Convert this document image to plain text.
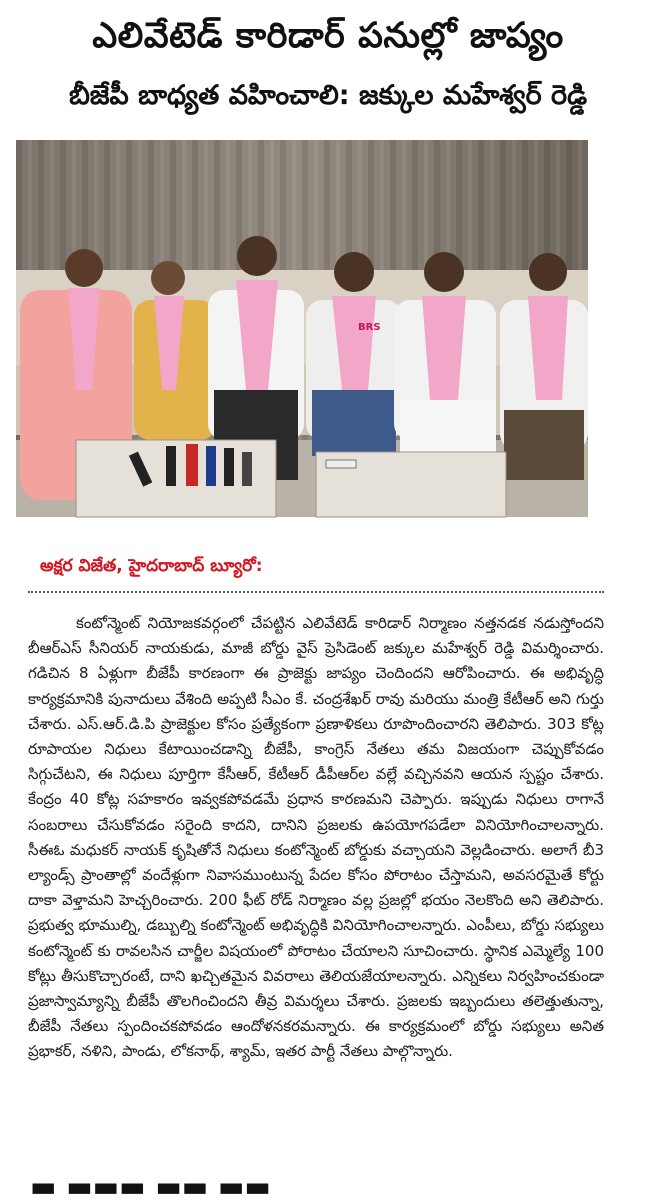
ఎలివేటెడ్ కారిడార్ పనుల్లో జాప్యం
బీజేపీ బాధ్యత వహించాలి: జక్కుల మహేశ్వర్ రెడ్డి
BRS
అక్షర విజేత, హైదరాబాద్ బ్యూరో:
కంటోన్మెంట్ నియోజకవర్గంలో చేపట్టిన ఎలివేటెడ్ కారిడార్ నిర్మాణం నత్తనడక నడుస్తోందని బీఆర్ఎస్ సీనియర్ నాయకుడు, మాజీ బోర్డు వైస్ ప్రెసిడెంట్ జక్కుల మహేశ్వర్ రెడ్డి విమర్శించారు. గడిచిన 8 ఏళ్లుగా బీజేపీ కారణంగా ఈ ప్రాజెక్టు జాప్యం చెందిందని ఆరోపించారు. ఈ అభివృద్ధి కార్యక్రమానికి పునాదులు వేశింది అప్పటి సీఎం కే. చంద్రశేఖర్ రావు మరియు మంత్రి కేటీఆర్ అని గుర్తు చేశారు. ఎస్.ఆర్.డి.పి ప్రాజెక్టుల కోసం ప్రత్యేకంగా ప్రణాళికలు రూపొందించారని తెలిపారు. 303 కోట్ల రూపాయల నిధులు కేటాయించడాన్ని బీజేపీ, కాంగ్రెస్ నేతలు తమ విజయంగా చెప్పుకోవడం సిగ్గుచేటని, ఈ నిధులు పూర్తిగా కేసీఆర్, కేటీఆర్ డీపీఆర్‌ల వల్లే వచ్చినవని ఆయన స్పష్టం చేశారు. కేంద్రం 40 కోట్ల సహకారం ఇవ్వకపోవడమే ప్రధాన కారణమని చెప్పారు. ఇప్పుడు నిధులు రాగానే సంబరాలు చేసుకోవడం సరైంది కాదని, దానిని ప్రజలకు ఉపయోగపడేలా వినియోగించాలన్నారు. సీఈఓ మధుకర్ నాయక్ కృషితోనే నిధులు కంటోన్మెంట్ బోర్డుకు వచ్చాయని వెల్లడించారు. అలాగే బీ3 ల్యాండ్స్ ప్రాంతాల్లో వందేళ్లుగా నివాసముంటున్న పేదల కోసం పోరాటం చేస్తామని, అవసరమైతే కోర్టు దాకా వెళ్తామని హెచ్చరించారు. 200 ఫీట్ రోడ్ నిర్మాణం వల్ల ప్రజల్లో భయం నెలకొంది అని తెలిపారు. ప్రభుత్వ భూముల్ని, డబ్బుల్ని కంటోన్మెంట్ అభివృద్ధికి వినియోగించాలన్నారు. ఎంపీలు, బోర్డు సభ్యులు కంటోన్మెంట్ కు రావలసిన చార్జీల విషయంలో పోరాటం చేయాలని సూచించారు. స్థానిక ఎమ్మెల్యే 100 కోట్లు తీసుకొచ్చారంటే, దాని ఖచ్చితమైన వివరాలు తెలియజేయాలన్నారు. ఎన్నికలు నిర్వహించకుండా ప్రజాస్వామ్యాన్ని బీజేపీ తొలగించిందని తీవ్ర విమర్శలు చేశారు. ప్రజలకు ఇబ్బందులు తలెత్తుతున్నా, బీజేపీ నేతలు స్పందించకపోవడం ఆందోళనకరమన్నారు. ఈ కార్యక్రమంలో బోర్డు సభ్యులు అనిత ప్రభాకర్, నళిని, పాండు, లోకనాథ్, శ్యామ్, ఇతర పార్టీ నేతలు పాల్గొన్నారు.
▬ ▬▬▬ ▬▬ ▬▬
